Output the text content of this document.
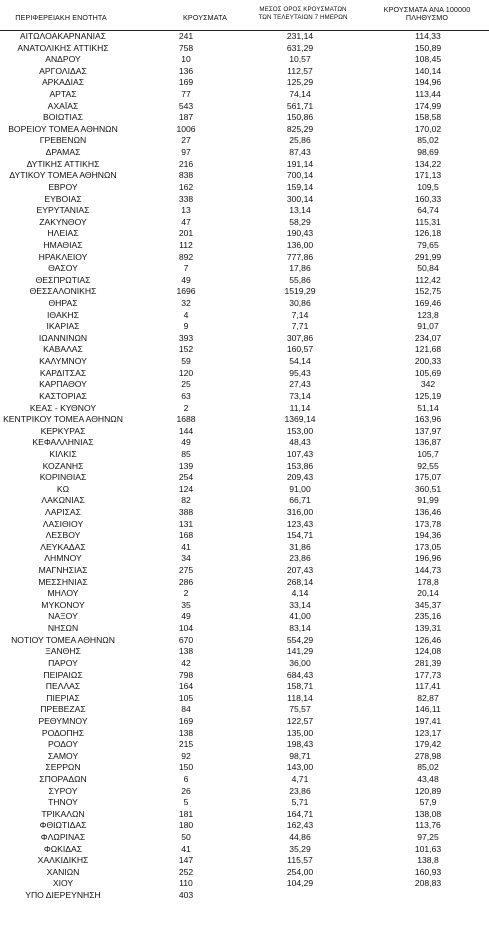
ΠΕΡΙΦΕΡΕΙΑΚΗ ΕΝΟΤΗΤΑ	ΚΡΟΥΣΜΑΤΑ
ΜΕΣΟΣ ΟΡΟΣ ΚΡΟΥΣΜΑΤΩΝ
ΤΩΝ ΤΕΛΕΥΤΑΙΩΝ 7 ΗΜΕΡΩΝ
ΚΡΟΥΣΜΑΤΑ ΑΝΑ 100000
ΠΛΗΘΥΣΜΟ
ΑΙΤΩΛΟΑΚΑΡΝΑΝΙΑΣ	241	231,14	114,33
ΑΝΑΤΟΛΙΚΗΣ ΑΤΤΙΚΗΣ	758	631,29	150,89
ΑΝΔΡΟΥ	10	10,57	108,45
ΑΡΓΟΛΙΔΑΣ	136	112,57	140,14
ΑΡΚΑΔΙΑΣ	169	125,29	194,96
ΑΡΤΑΣ	77	74,14	113,44
ΑΧΑΪΑΣ	543	561,71	174,99
ΒΟΙΩΤΙΑΣ	187	150,86	158,58
ΒΟΡΕΙΟΥ ΤΟΜΕΑ ΑΘΗΝΩΝ	1006	825,29	170,02
ΓΡΕΒΕΝΩΝ	27	25,86	85,02
ΔΡΑΜΑΣ	97	87,43	98,69
ΔΥΤΙΚΗΣ ΑΤΤΙΚΗΣ	216	191,14	134,22
ΔΥΤΙΚΟΥ ΤΟΜΕΑ ΑΘΗΝΩΝ	838	700,14	171,13
ΕΒΡΟΥ	162	159,14	109,5
ΕΥΒΟΙΑΣ	338	300,14	160,33
ΕΥΡΥΤΑΝΙΑΣ	13	13,14	64,74
ΖΑΚΥΝΘΟΥ	47	58,29	115,31
ΗΛΕΙΑΣ	201	190,43	126,18
ΗΜΑΘΙΑΣ	112	136,00	79,65
ΗΡΑΚΛΕΙΟΥ	892	777,86	291,99
ΘΑΣΟΥ	7	17,86	50,84
ΘΕΣΠΡΩΤΙΑΣ	49	55,86	112,42
ΘΕΣΣΑΛΟΝΙΚΗΣ	1696	1519,29	152,75
ΘΗΡΑΣ	32	30,86	169,46
ΙΘΑΚΗΣ	4	7,14	123,8
ΙΚΑΡΙΑΣ	9	7,71	91,07
ΙΩΑΝΝΙΝΩΝ	393	307,86	234,07
ΚΑΒΑΛΑΣ	152	160,57	121,68
ΚΑΛΥΜΝΟΥ	59	54,14	200,33
ΚΑΡΔΙΤΣΑΣ	120	95,43	105,69
ΚΑΡΠΑΘΟΥ	25	27,43	342
ΚΑΣΤΟΡΙΑΣ	63	73,14	125,19
ΚΕΑΣ - ΚΥΘΝΟΥ	2	11,14	51,14
ΚΕΝΤΡΙΚΟΥ ΤΟΜΕΑ ΑΘΗΝΩΝ	1688	1369,14	163,96
ΚΕΡΚΥΡΑΣ	144	153,00	137,97
ΚΕΦΑΛΛΗΝΙΑΣ	49	48,43	136,87
ΚΙΛΚΙΣ	85	107,43	105,7
ΚΟΖΑΝΗΣ	139	153,86	92,55
ΚΟΡΙΝΘΙΑΣ	254	209,43	175,07
ΚΩ	124	91,00	360,51
ΛΑΚΩΝΙΑΣ	82	66,71	91,99
ΛΑΡΙΣΑΣ	388	316,00	136,46
ΛΑΣΙΘΙΟΥ	131	123,43	173,78
ΛΕΣΒΟΥ	168	154,71	194,36
ΛΕΥΚΑΔΑΣ	41	31,86	173,05
ΛΗΜΝΟΥ	34	23,86	196,96
ΜΑΓΝΗΣΙΑΣ	275	207,43	144,73
ΜΕΣΣΗΝΙΑΣ	286	268,14	178,8
ΜΗΛΟΥ	2	4,14	20,14
ΜΥΚΟΝΟΥ	35	33,14	345,37
ΝΑΞΟΥ	49	41,00	235,16
ΝΗΣΩΝ	104	83,14	139,31
ΝΟΤΙΟΥ ΤΟΜΕΑ ΑΘΗΝΩΝ	670	554,29	126,46
ΞΑΝΘΗΣ	138	141,29	124,08
ΠΑΡΟΥ	42	36,00	281,39
ΠΕΙΡΑΙΩΣ	798	684,43	177,73
ΠΕΛΛΑΣ	164	158,71	117,41
ΠΙΕΡΙΑΣ	105	118,14	82,87
ΠΡΕΒΕΖΑΣ	84	75,57	146,11
ΡΕΘΥΜΝΟΥ	169	122,57	197,41
ΡΟΔΟΠΗΣ	138	135,00	123,17
ΡΟΔΟΥ	215	198,43	179,42
ΣΑΜΟΥ	92	98,71	278,98
ΣΕΡΡΩΝ	150	143,00	85,02
ΣΠΟΡΑΔΩΝ	6	4,71	43,48
ΣΥΡΟΥ	26	23,86	120,89
ΤΗΝΟΥ	5	5,71	57,9
ΤΡΙΚΑΛΩΝ	181	164,71	138,08
ΦΘΙΩΤΙΔΑΣ	180	162,43	113,76
ΦΛΩΡΙΝΑΣ	50	44,86	97,25
ΦΩΚΙΔΑΣ	41	35,29	101,63
ΧΑΛΚΙΔΙΚΗΣ	147	115,57	138,8
ΧΑΝΙΩΝ	252	254,00	160,93
ΧΙΟΥ	110	104,29	208,83
ΥΠΟ ΔΙΕΡΕΥΝΗΣΗ	403
